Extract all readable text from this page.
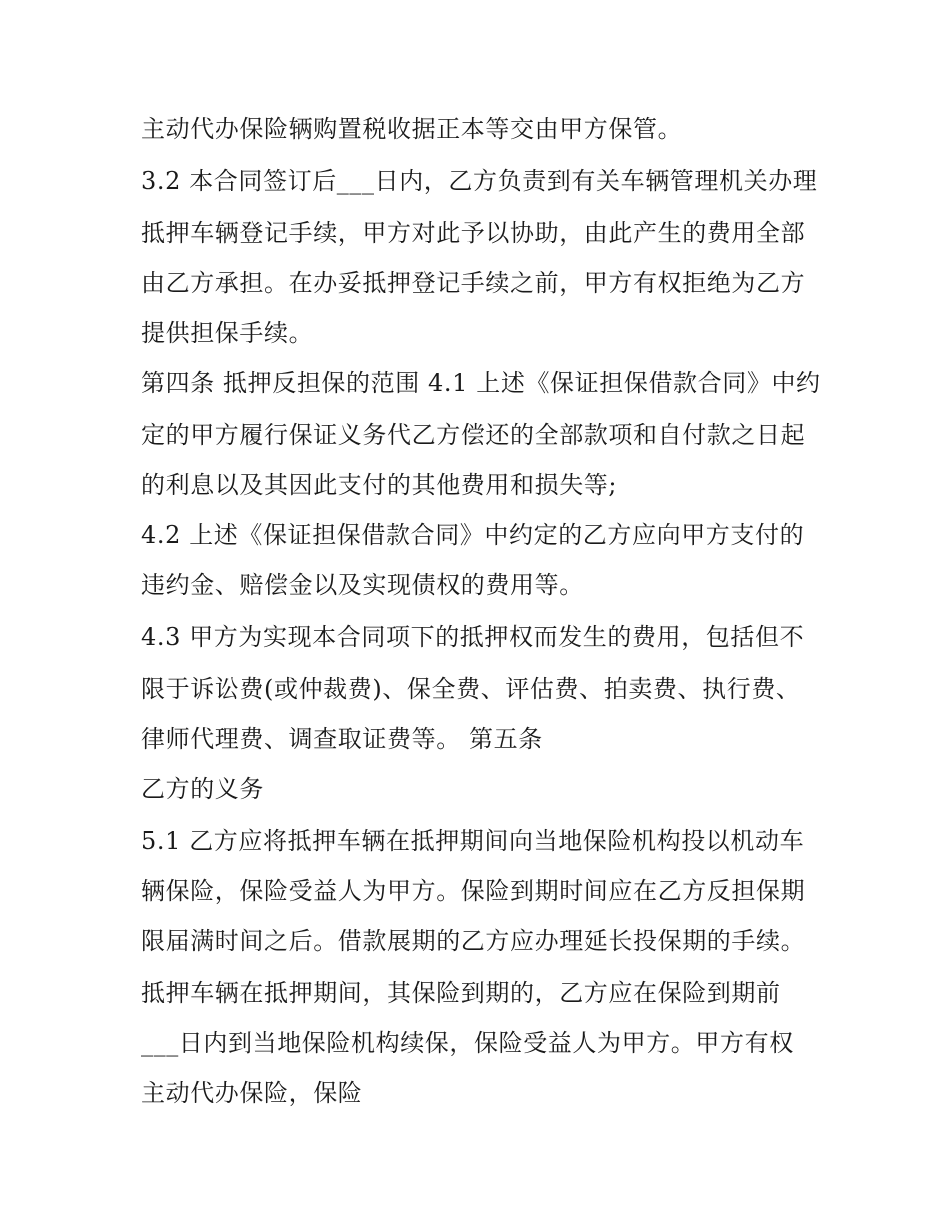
主动代办保险辆购置税收据正本等交由甲方保管。

3.2 本合同签订后___日内，乙方负责到有关车辆管理机关办理

抵押车辆登记手续，甲方对此予以协助，由此产生的费用全部

由乙方承担。在办妥抵押登记手续之前，甲方有权拒绝为乙方

提供担保手续。

第四条 抵押反担保的范围 4.1 上述《保证担保借款合同》中约

定的甲方履行保证义务代乙方偿还的全部款项和自付款之日起

的利息以及其因此支付的其他费用和损失等;

4.2 上述《保证担保借款合同》中约定的乙方应向甲方支付的

违约金、赔偿金以及实现债权的费用等。

4.3 甲方为实现本合同项下的抵押权而发生的费用，包括但不

限于诉讼费(或仲裁费)、保全费、评估费、拍卖费、执行费、

律师代理费、调查取证费等。 第五条

乙方的义务

5.1 乙方应将抵押车辆在抵押期间向当地保险机构投以机动车

辆保险，保险受益人为甲方。保险到期时间应在乙方反担保期

限届满时间之后。借款展期的乙方应办理延长投保期的手续。

抵押车辆在抵押期间，其保险到期的，乙方应在保险到期前

___日内到当地保险机构续保，保险受益人为甲方。甲方有权

主动代办保险，保险
